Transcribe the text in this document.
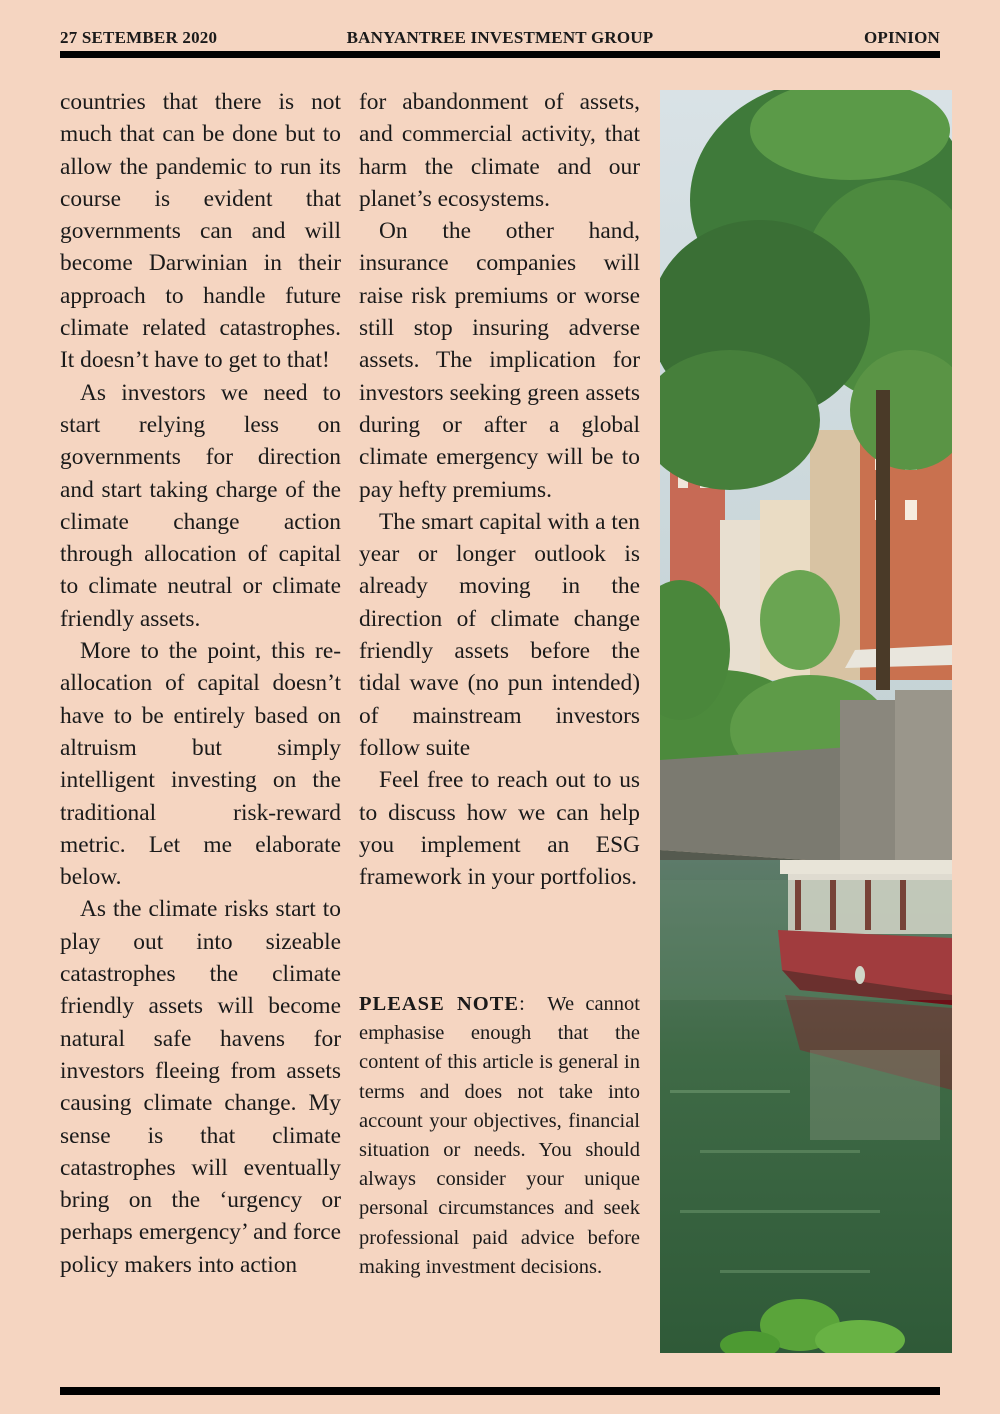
27 SETEMBER 2020	BANYANTREE INVESTMENT GROUP	OPINION

countries that there is not much that can be done but to allow the pandemic to run its course is evident that governments can and will become Darwinian in their approach to handle future climate related catastrophes. It doesn’t have to get to that!

As investors we need to start relying less on governments for direction and start taking charge of the climate change action through allocation of capital to climate neutral or climate friendly assets.

More to the point, this re-allocation of capital doesn’t have to be entirely based on altruism but simply intelligent investing on the traditional risk-reward metric. Let me elaborate below.

As the climate risks start to play out into sizeable catastrophes the climate friendly assets will become natural safe havens for investors fleeing from assets causing climate change. My sense is that climate catastrophes will eventually bring on the ‘urgency or perhaps emergency’ and force policy makers into action

for abandonment of assets, and commercial activity, that harm the climate and our planet’s ecosystems.

On the other hand, insurance companies will raise risk premiums or worse still stop insuring adverse assets. The implication for investors seeking green assets during or after a global climate emergency will be to pay hefty premiums.

The smart capital with a ten year or longer outlook is already moving in the direction of climate change friendly assets before the tidal wave (no pun intended) of mainstream investors follow suite

Feel free to reach out to us to discuss how we can help you implement an ESG framework in your portfolios.

PLEASE NOTE:  We cannot emphasise enough that the content of this article is general in terms and does not take into account your objectives, financial situation or needs. You should always consider your unique personal circumstances and seek professional paid advice before making investment decisions.
